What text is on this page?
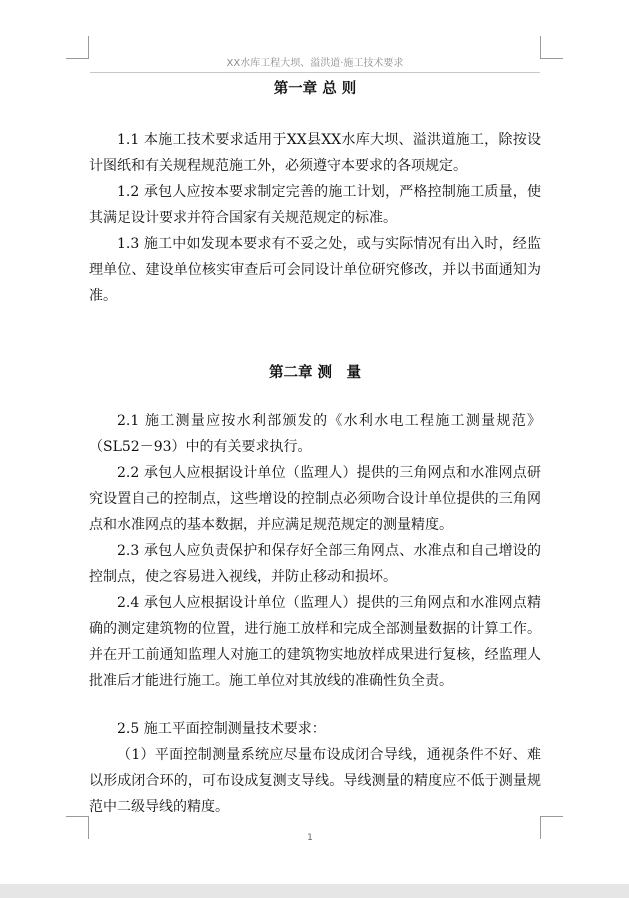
XX水库工程大坝、溢洪道·施工技术要求
第一章 总 则

1.1 本施工技术要求适用于XX县XX水库大坝、溢洪道施工，除按设计图纸和有关规程规范施工外，必须遵守本要求的各项规定。

1.2 承包人应按本要求制定完善的施工计划，严格控制施工质量，使其满足设计要求并符合国家有关规范规定的标准。

1.3 施工中如发现本要求有不妥之处，或与实际情况有出入时，经监理单位、建设单位核实审查后可会同设计单位研究修改，并以书面通知为准。

第二章 测　量

2.1 施工测量应按水利部颁发的《水利水电工程施工测量规范》（SL52－93）中的有关要求执行。

2.2 承包人应根据设计单位（监理人）提供的三角网点和水准网点研究设置自己的控制点，这些增设的控制点必须吻合设计单位提供的三角网点和水准网点的基本数据，并应满足规范规定的测量精度。

2.3 承包人应负责保护和保存好全部三角网点、水准点和自己增设的控制点，使之容易进入视线，并防止移动和损坏。

2.4 承包人应根据设计单位（监理人）提供的三角网点和水准网点精确的测定建筑物的位置，进行施工放样和完成全部测量数据的计算工作。并在开工前通知监理人对施工的建筑物实地放样成果进行复核，经监理人批准后才能进行施工。施工单位对其放线的准确性负全责。

2.5 施工平面控制测量技术要求：

（1）平面控制测量系统应尽量布设成闭合导线，通视条件不好、难以形成闭合环的，可布设成复测支导线。导线测量的精度应不低于测量规范中二级导线的精度。

1
